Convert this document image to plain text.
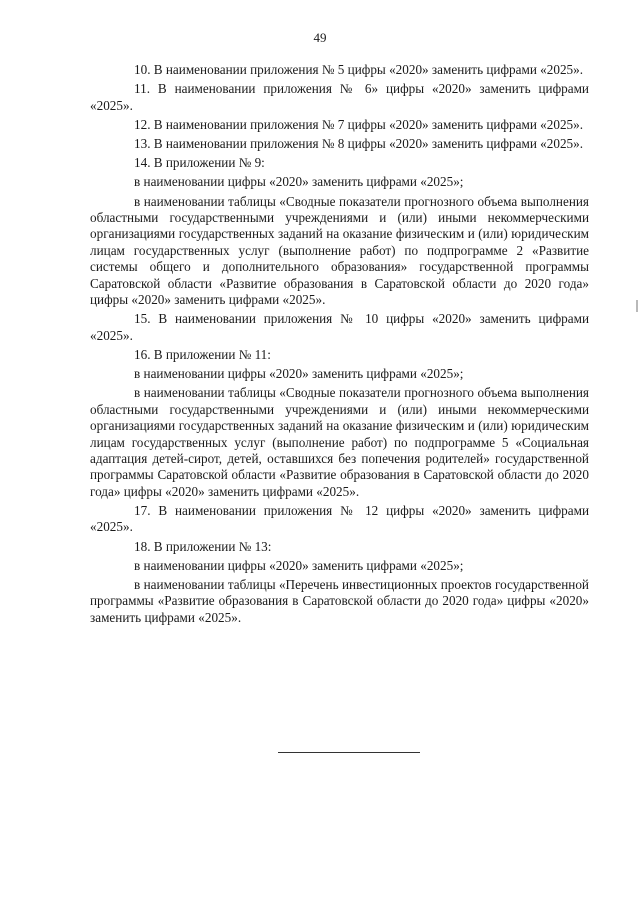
49

10. В наименовании приложения № 5 цифры «2020» заменить цифрами «2025».

11. В наименовании приложения № 6» цифры «2020» заменить цифрами «2025».

12. В наименовании приложения № 7 цифры «2020» заменить цифрами «2025».

13. В наименовании приложения № 8 цифры «2020» заменить цифрами «2025».

14. В приложении № 9:

в наименовании цифры «2020» заменить цифрами «2025»;

в наименовании таблицы «Сводные показатели прогнозного объема выполнения областными государственными учреждениями и (или) иными некоммерческими организациями государственных заданий на оказание физическим и (или) юридическим лицам государственных услуг (выполнение работ) по подпрограмме 2 «Развитие системы общего и дополнительного образования» государственной программы Саратовской области «Развитие образования в Саратовской области до 2020 года» цифры «2020» заменить цифрами «2025».

15. В наименовании приложения № 10 цифры «2020» заменить цифрами «2025».

16. В приложении № 11:

в наименовании цифры «2020» заменить цифрами «2025»;

в наименовании таблицы «Сводные показатели прогнозного объема выполнения областными государственными учреждениями и (или) иными некоммерческими организациями государственных заданий на оказание физическим и (или) юридическим лицам государственных услуг (выполнение работ) по подпрограмме 5 «Социальная адаптация детей-сирот, детей, оставшихся без попечения родителей» государственной программы Саратовской области «Развитие образования в Саратовской области до 2020 года» цифры «2020» заменить цифрами «2025».

17. В наименовании приложения № 12 цифры «2020» заменить цифрами «2025».

18. В приложении № 13:

в наименовании цифры «2020» заменить цифрами «2025»;

в наименовании таблицы «Перечень инвестиционных проектов государственной программы «Развитие образования в Саратовской области до 2020 года» цифры «2020» заменить цифрами «2025».
